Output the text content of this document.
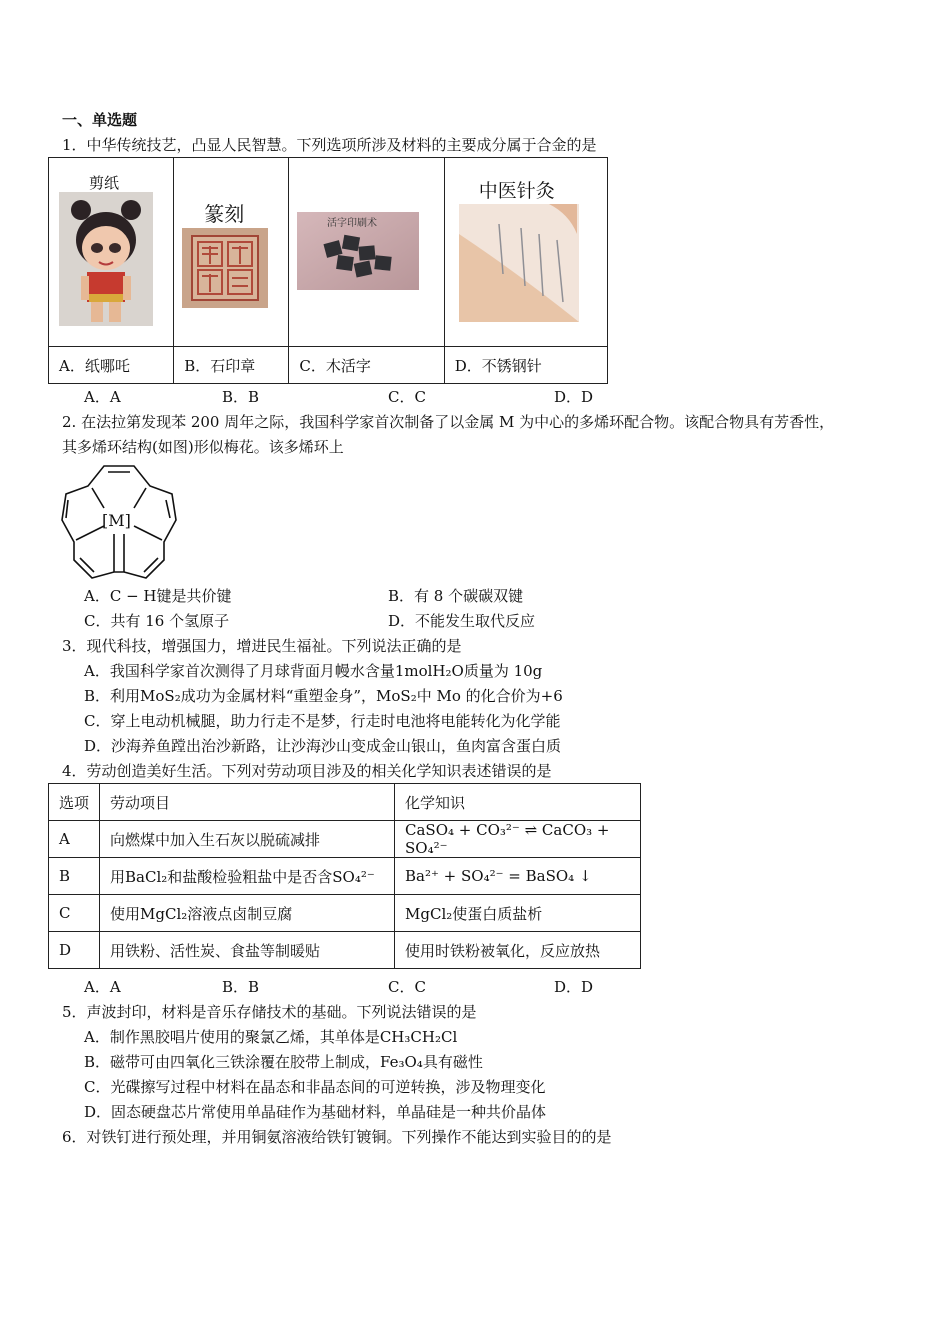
一、单选题
1．中华传统技艺，凸显人民智慧。下列选项所涉及材料的主要成分属于合金的是
剪纸	篆刻	活字印刷术	中医针灸

A．纸哪吒	B．石印章	C．木活字	D．不锈钢针
A．A	B．B	C．C	D．D
2. 在法拉第发现苯 200 周年之际，我国科学家首次制备了以金属 M 为中心的多烯环配合物。该配合物具有芳香性，
其多烯环结构(如图)形似梅花。该多烯环上
[M]
A．C − H键是共价键	B．有 8 个碳碳双键
C．共有 16 个氢原子	D．不能发生取代反应
3．现代科技，增强国力，增进民生福祉。下列说法正确的是
A．我国科学家首次测得了月球背面月幔水含量1molH₂O质量为 10g
B．利用MoS₂成功为金属材料“重塑金身”，MoS₂中 Mo 的化合价为+6
C．穿上电动机械腿，助力行走不是梦，行走时电池将电能转化为化学能
D．沙海养鱼蹚出治沙新路，让沙海沙山变成金山银山，鱼肉富含蛋白质
4．劳动创造美好生活。下列对劳动项目涉及的相关化学知识表述错误的是
选项	劳动项目	化学知识
A	向燃煤中加入生石灰以脱硫减排	CaSO₄ + CO₃²⁻ ⇌ CaCO₃ + SO₄²⁻
B	用BaCl₂和盐酸检验粗盐中是否含SO₄²⁻	Ba²⁺ + SO₄²⁻ = BaSO₄ ↓
C	使用MgCl₂溶液点卤制豆腐	MgCl₂使蛋白质盐析
D	用铁粉、活性炭、食盐等制暖贴	使用时铁粉被氧化，反应放热
A．A	B．B	C．C	D．D
5．声波封印，材料是音乐存储技术的基础。下列说法错误的是
A．制作黑胶唱片使用的聚氯乙烯，其单体是CH₃CH₂Cl
B．磁带可由四氧化三铁涂覆在胶带上制成，Fe₃O₄具有磁性
C．光碟擦写过程中材料在晶态和非晶态间的可逆转换，涉及物理变化
D．固态硬盘芯片常使用单晶硅作为基础材料，单晶硅是一种共价晶体
6．对铁钉进行预处理，并用铜氨溶液给铁钉镀铜。下列操作不能达到实验目的的是
